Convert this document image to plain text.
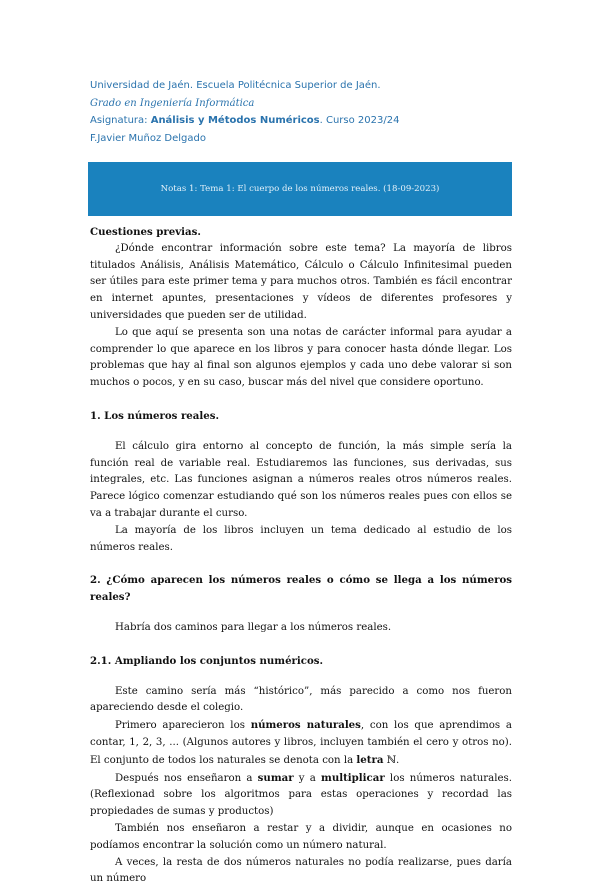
Universidad de Jaén. Escuela Politécnica Superior de Jaén.
Grado en Ingeniería Informática
Asignatura: Análisis y Métodos Numéricos. Curso 2023/24
F.Javier Muñoz Delgado
Notas 1: Tema 1: El cuerpo de los números reales. (18-09-2023)

Cuestiones previas.

¿Dónde encontrar información sobre este tema? La mayoría de libros titulados Análisis, Análisis Matemático, Cálculo o Cálculo Infinitesimal pueden ser útiles para este primer tema y para muchos otros. También es fácil encontrar en internet apuntes, presentaciones y vídeos de diferentes profesores y universidades que pueden ser de utilidad.

Lo que aquí se presenta son una notas de carácter informal para ayudar a comprender lo que aparece en los libros y para conocer hasta dónde llegar. Los problemas que hay al final son algunos ejemplos y cada uno debe valorar si son muchos o pocos, y en su caso, buscar más del nivel que considere oportuno.

1. Los números reales.

El cálculo gira entorno al concepto de función, la más simple sería la función real de variable real. Estudiaremos las funciones, sus derivadas, sus integrales, etc. Las funciones asignan a números reales otros números reales. Parece lógico comenzar estudiando qué son los números reales pues con ellos se va a trabajar durante el curso.

La mayoría de los libros incluyen un tema dedicado al estudio de los números reales.

2. ¿Cómo aparecen los números reales o cómo se llega a los números reales?

Habría dos caminos para llegar a los números reales.

2.1. Ampliando los conjuntos numéricos.

Este camino sería más “histórico”, más parecido a como nos fueron apareciendo desde el colegio.

Primero aparecieron los números naturales, con los que aprendimos a contar, 1, 2, 3, ... (Algunos autores y libros, incluyen también el cero y otros no). El conjunto de todos los naturales se denota con la letra ℕ.

Después nos enseñaron a sumar y a multiplicar los números naturales. (Reflexionad sobre los algoritmos para estas operaciones y recordad las propiedades de sumas y productos)

También nos enseñaron a restar y a dividir, aunque en ocasiones no podíamos encontrar la solución como un número natural.

A veces, la resta de dos números naturales no podía realizarse, pues daría un número
